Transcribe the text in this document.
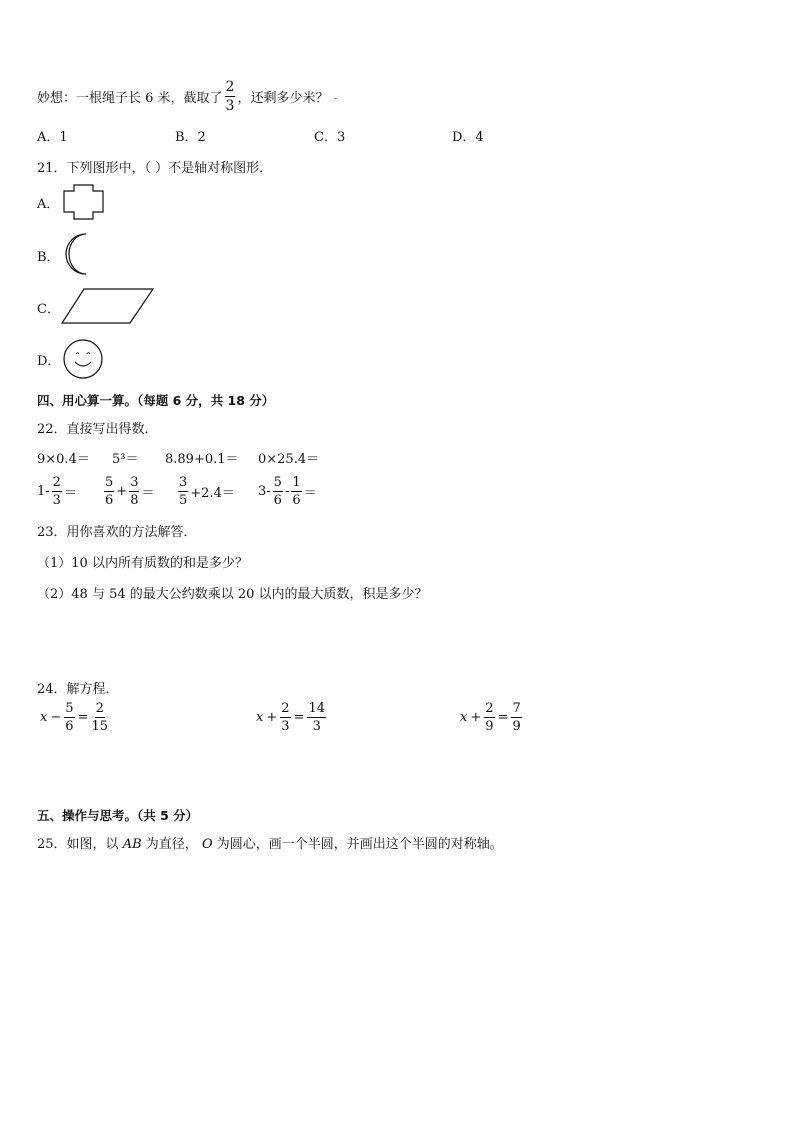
妙想：一根绳子长 6 米，截取了 $\frac{2}{3}$ ，还剩多少米？ .
A．1	B．2	C．3	D．4
21．下列图形中，（ ）不是轴对称图形．
A．
B．
C．
D．
四、用心算一算。（每题 6 分，共 18 分）
22．直接写出得数．
9×0.4＝ 5³＝ 8.89+0.1＝ 0×25.4＝
$1- \frac{2}{3} = \frac{5}{6} + \frac{3}{8} = \frac{3}{5} +2.4= 3- \frac{5}{6} - \frac{1}{6}$ ＝
23．用你喜欢的方法解答．
（1）10 以内所有质数的和是多少？
（2）48 与 54 的最大公约数乘以 20 以内的最大质数，积是多少？
24．解方程．
$x - \frac{5}{6} = \frac{2}{15}$	$x + \frac{2}{3} = \frac{14}{3}$	$x + \frac{2}{9} = \frac{7}{9}$
五、操作与思考。（共 5 分）
25．如图，以 AB 为直径， O 为圆心，画一个半圆，并画出这个半圆的对称轴。
